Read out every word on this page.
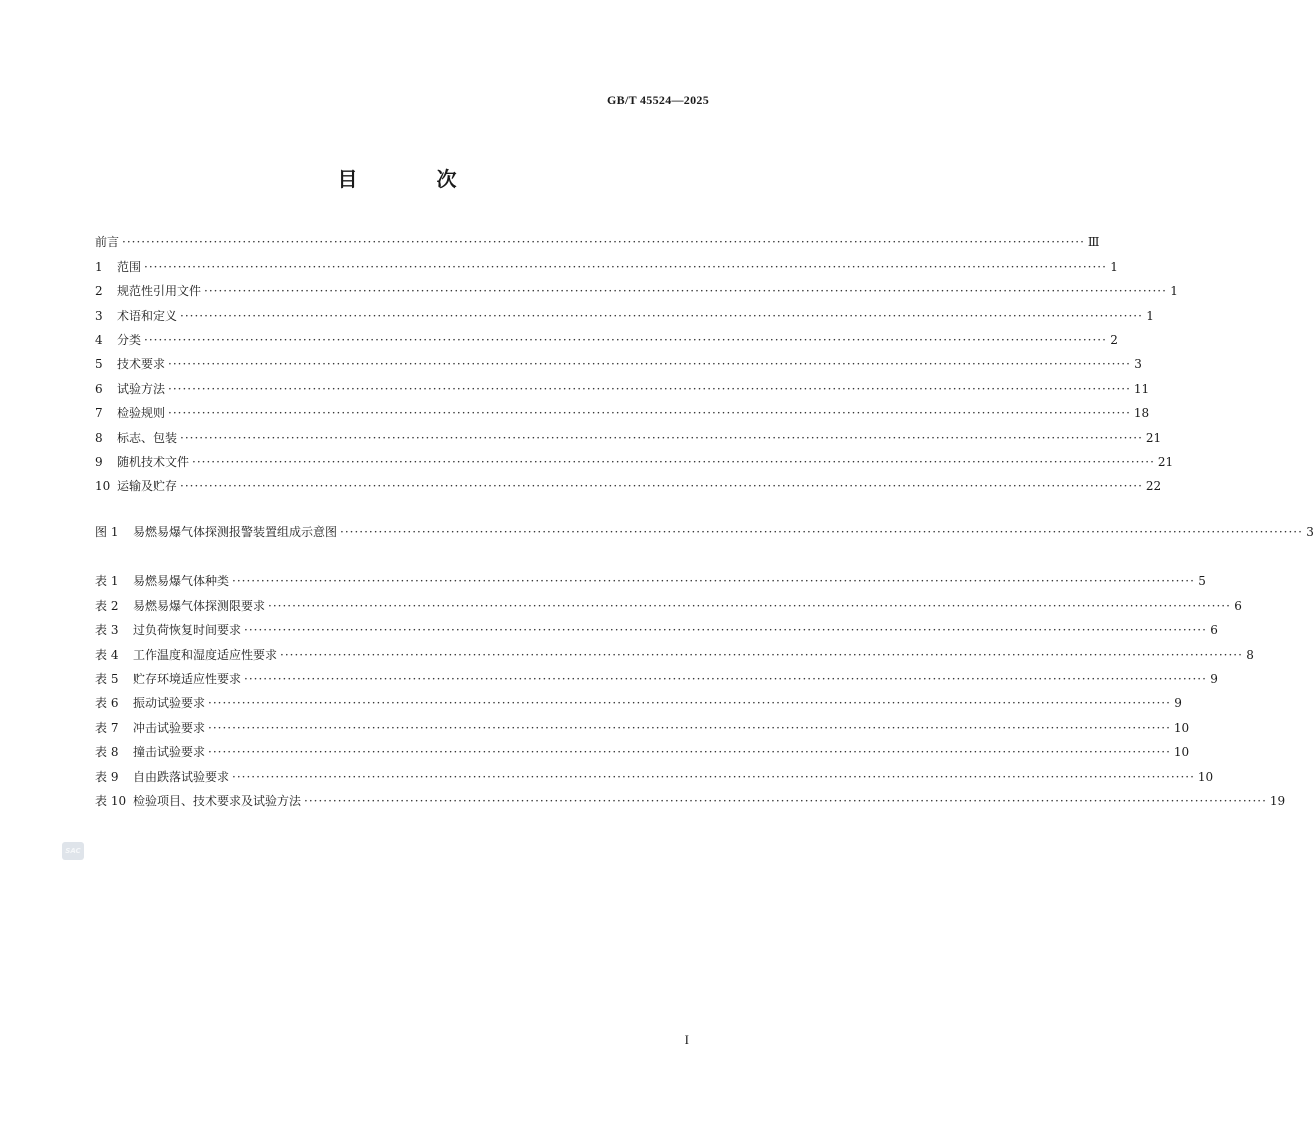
GB/T 45524—2025
目 次
前言 ········································································································································································································ Ⅲ
1 范围 ········································································································································································································ 1
2 规范性引用文件 ········································································································································································································ 1
3 术语和定义 ········································································································································································································ 1
4 分类 ········································································································································································································ 2
5 技术要求 ········································································································································································································ 3
6 试验方法 ········································································································································································································ 11
7 检验规则 ········································································································································································································ 18
8 标志、包装 ········································································································································································································ 21
9 随机技术文件 ········································································································································································································ 21
10 运输及贮存 ········································································································································································································ 22
图 1 易燃易爆气体探测报警装置组成示意图 ········································································································································································································ 3
表 1 易燃易爆气体种类 ········································································································································································································ 5
表 2 易燃易爆气体探测限要求 ········································································································································································································ 6
表 3 过负荷恢复时间要求 ········································································································································································································ 6
表 4 工作温度和湿度适应性要求 ········································································································································································································ 8
表 5 贮存环境适应性要求 ········································································································································································································ 9
表 6 振动试验要求 ········································································································································································································ 9
表 7 冲击试验要求 ········································································································································································································ 10
表 8 撞击试验要求 ········································································································································································································ 10
表 9 自由跌落试验要求 ········································································································································································································ 10
表 10 检验项目、技术要求及试验方法 ········································································································································································································ 19
SAC
I
